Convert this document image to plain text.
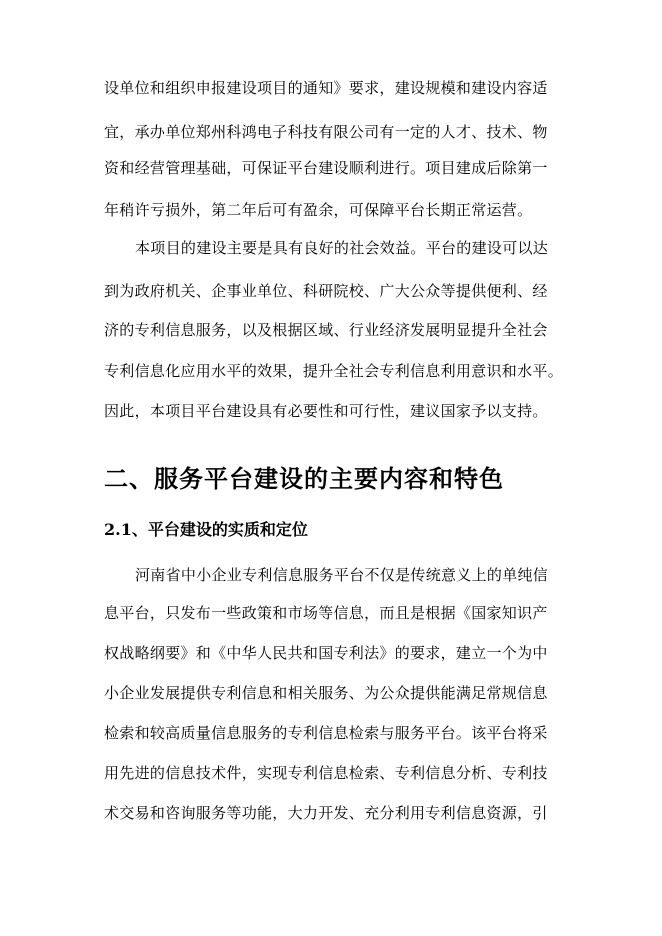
设单位和组织申报建设项目的通知》要求，建设规模和建设内容适
宜，承办单位郑州科鸿电子科技有限公司有一定的人才、技术、物
资和经营管理基础，可保证平台建设顺利进行。项目建成后除第一
年稍许亏损外，第二年后可有盈余，可保障平台长期正常运营。
本项目的建设主要是具有良好的社会效益。平台的建设可以达
到为政府机关、企事业单位、科研院校、广大公众等提供便利、经
济的专利信息服务，以及根据区域、行业经济发展明显提升全社会
专利信息化应用水平的效果，提升全社会专利信息利用意识和水平。
因此，本项目平台建设具有必要性和可行性，建议国家予以支持。
二、服务平台建设的主要内容和特色
2.1、平台建设的实质和定位
河南省中小企业专利信息服务平台不仅是传统意义上的单纯信
息平台，只发布一些政策和市场等信息，而且是根据《国家知识产
权战略纲要》和《中华人民共和国专利法》的要求，建立一个为中
小企业发展提供专利信息和相关服务、为公众提供能满足常规信息
检索和较高质量信息服务的专利信息检索与服务平台。该平台将采
用先进的信息技术件，实现专利信息检索、专利信息分析、专利技
术交易和咨询服务等功能，大力开发、充分利用专利信息资源，引
